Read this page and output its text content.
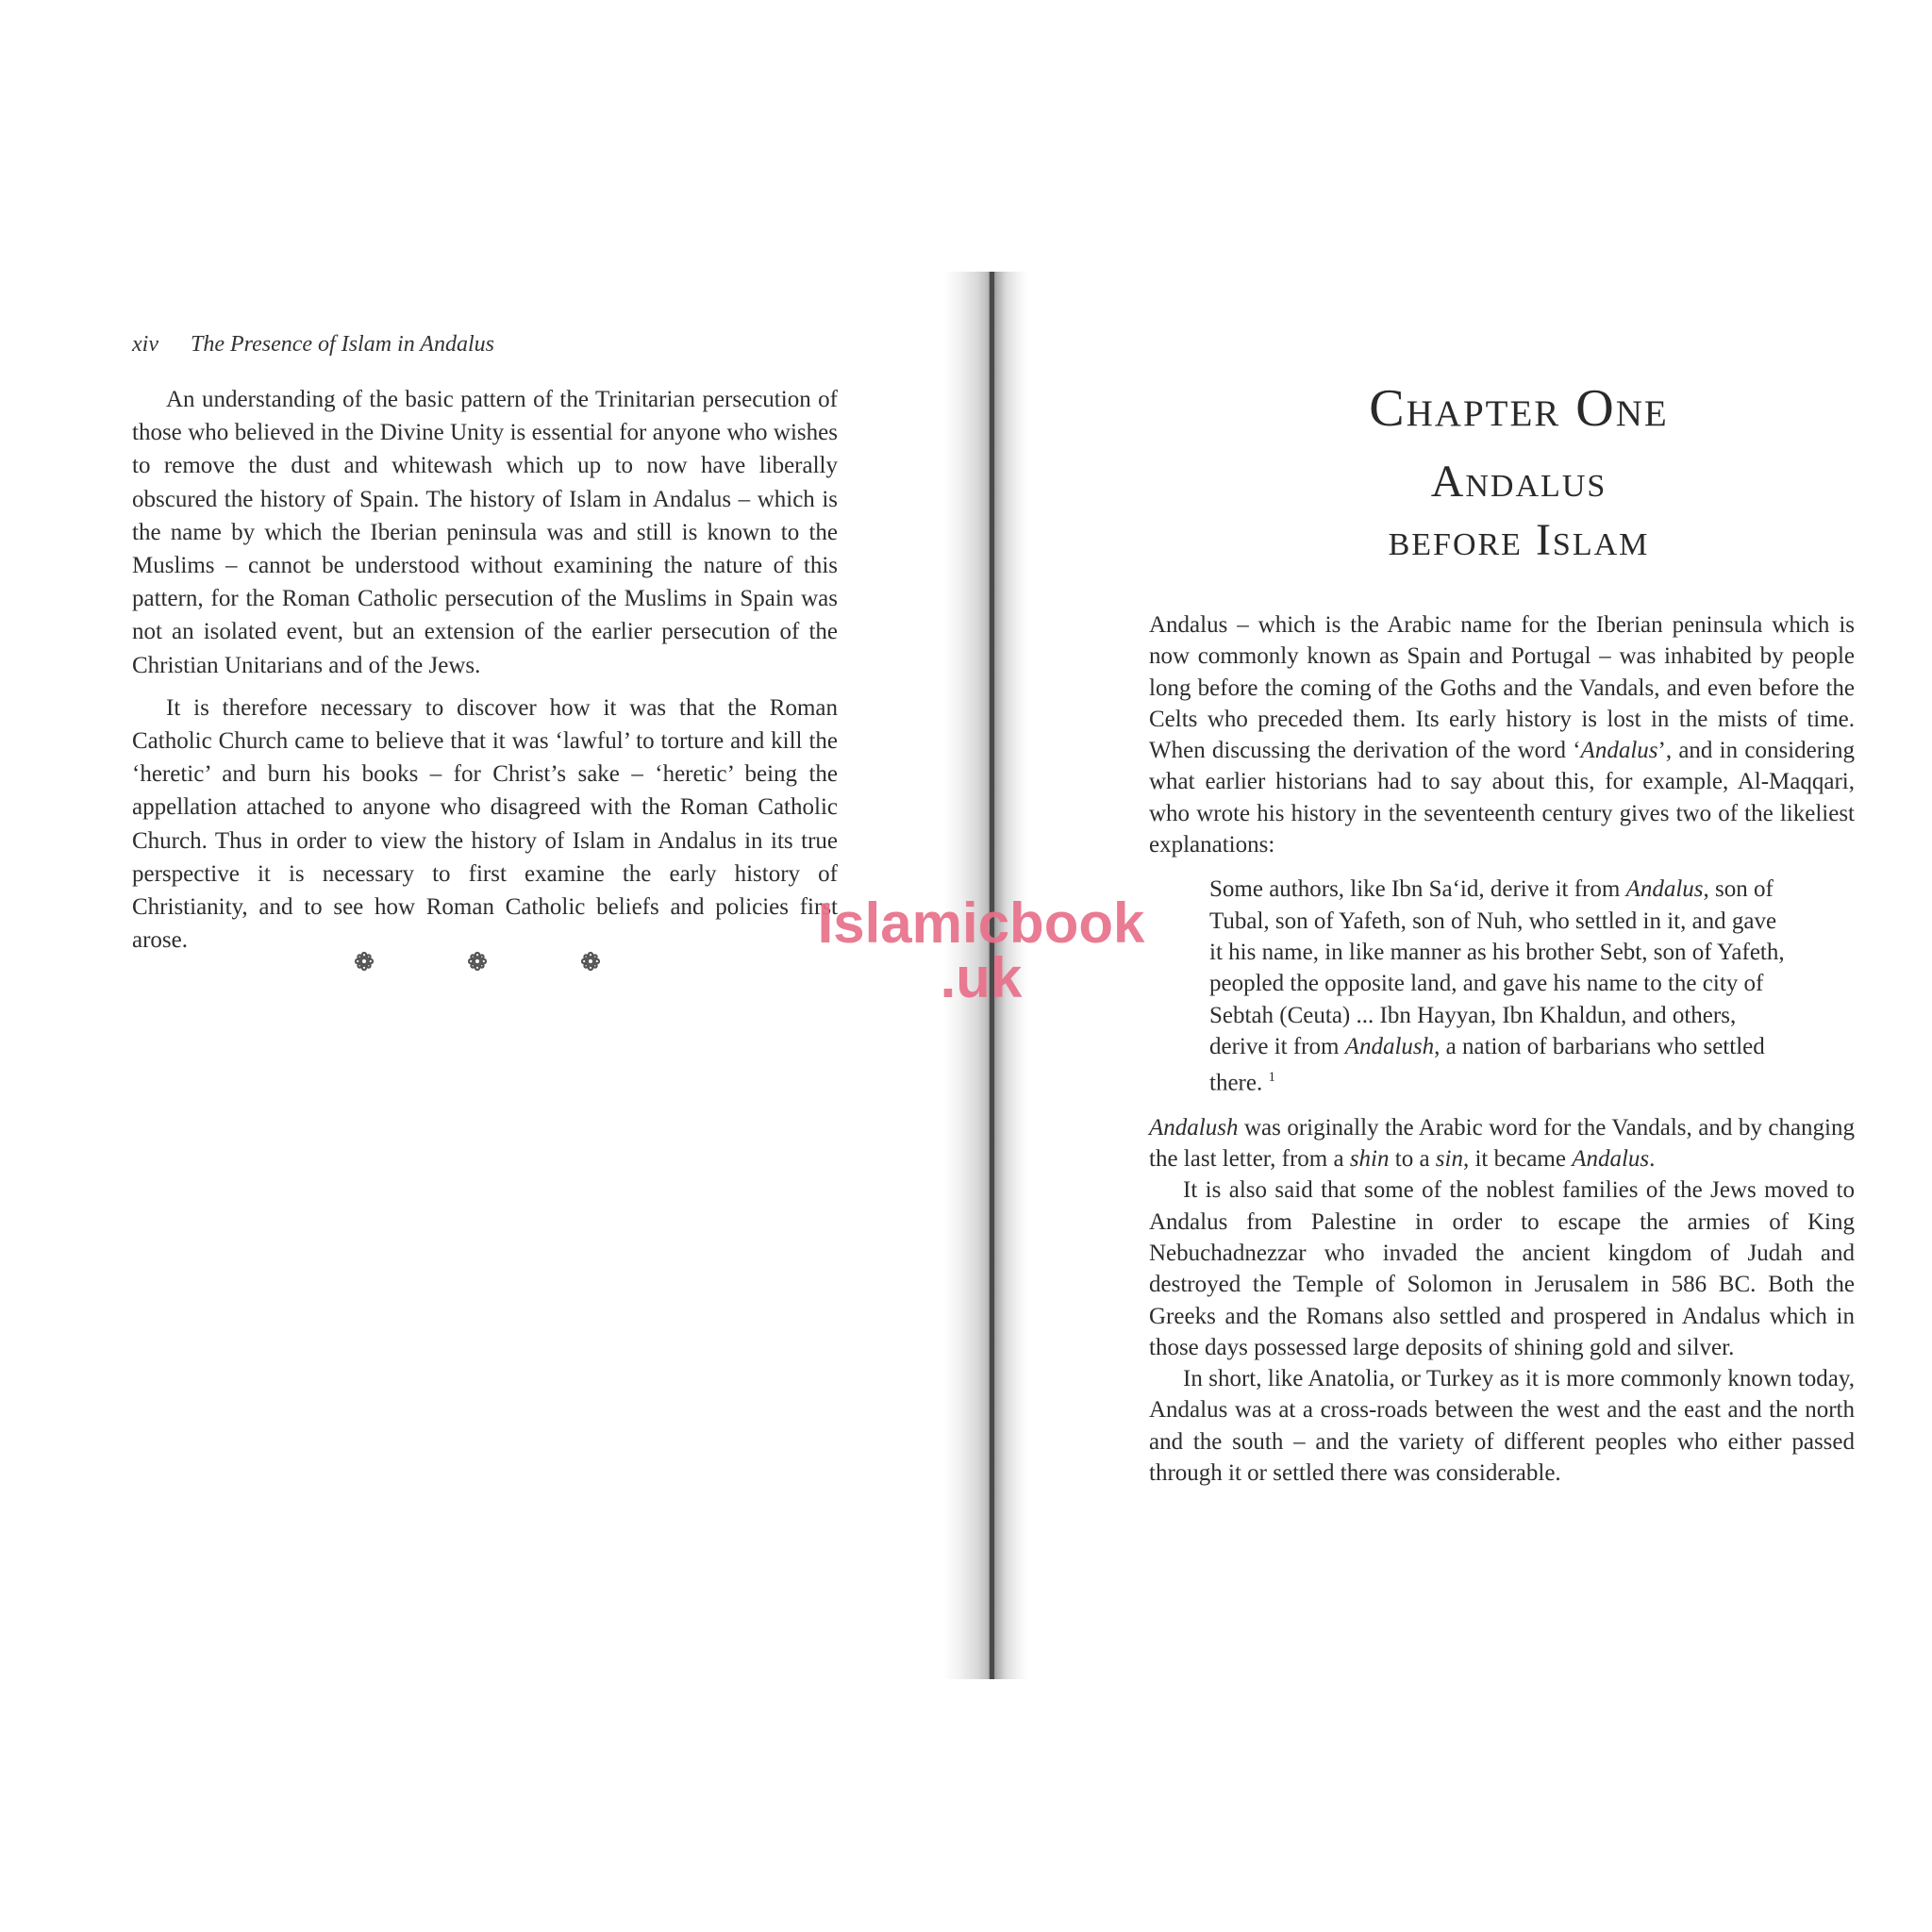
xiv The Presence of Islam in Andalus

An understanding of the basic pattern of the Trinitarian persecution of those who believed in the Divine Unity is essential for anyone who wishes to remove the dust and whitewash which up to now have liberally obscured the history of Spain. The history of Islam in Andalus – which is the name by which the Iberian peninsula was and still is known to the Muslims – cannot be understood without examining the nature of this pattern, for the Roman Catholic persecution of the Muslims in Spain was not an isolated event, but an extension of the earlier persecution of the Christian Unitarians and of the Jews.

It is therefore necessary to discover how it was that the Roman Catholic Church came to believe that it was ‘lawful’ to torture and kill the ‘heretic’ and burn his books – for Christ’s sake – ‘heretic’ being the appellation attached to anyone who disagreed with the Roman Catholic Church. Thus in order to view the history of Islam in Andalus in its true perspective it is necessary to first examine the early history of Christianity, and to see how Roman Catholic beliefs and policies first arose.

Chapter One
Andalus
before Islam

Andalus – which is the Arabic name for the Iberian peninsula which is now commonly known as Spain and Portugal – was inhabited by people long before the coming of the Goths and the Vandals, and even before the Celts who preceded them. Its early history is lost in the mists of time. When discussing the derivation of the word ‘Andalus’, and in considering what earlier historians had to say about this, for example, Al-Maqqari, who wrote his history in the seventeenth century gives two of the likeliest explanations:

Some authors, like Ibn Sa‘id, derive it from Andalus, son of Tubal, son of Yafeth, son of Nuh, who settled in it, and gave it his name, in like manner as his brother Sebt, son of Yafeth, peopled the opposite land, and gave his name to the city of Sebtah (Ceuta) ... Ibn Hayyan, Ibn Khaldun, and others, derive it from Andalush, a nation of barbarians who settled there. $^1$

Andalush was originally the Arabic word for the Vandals, and by changing the last letter, from a shin to a sin, it became Andalus.

It is also said that some of the noblest families of the Jews moved to Andalus from Palestine in order to escape the armies of King Nebuchadnezzar who invaded the ancient kingdom of Judah and destroyed the Temple of Solomon in Jerusalem in 586 BC. Both the Greeks and the Romans also settled and prospered in Andalus which in those days possessed large deposits of shining gold and silver.

In short, like Anatolia, or Turkey as it is more commonly known today, Andalus was at a cross-roads between the west and the east and the north and the south – and the variety of different peoples who either passed through it or settled there was considerable.

Islamicbook
.uk
